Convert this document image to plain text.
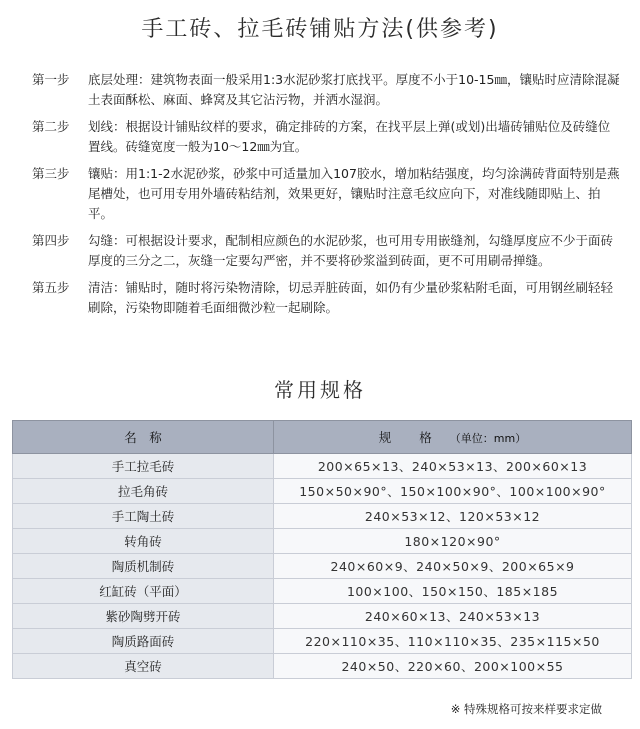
手工砖、拉毛砖铺贴方法(供参考)
第一步	底层处理：建筑物表面一般采用1:3水泥砂浆打底找平。厚度不小于10-15㎜，镶贴时应清除混凝土表面酥松、麻面、蜂窝及其它沾污物，并洒水湿润。
第二步	划线：根据设计铺贴纹样的要求，确定排砖的方案，在找平层上弹(或划)出墙砖铺贴位及砖缝位置线。砖缝宽度一般为10～12㎜为宜。
第三步	镶贴：用1:1-2水泥砂浆，砂浆中可适量加入107胶水，增加粘结强度，均匀涂满砖背面特别是燕尾槽处，也可用专用外墙砖粘结剂，效果更好，镶贴时注意毛纹应向下，对准线随即贴上、拍平。
第四步	勾缝：可根据设计要求，配制相应颜色的水泥砂浆，也可用专用嵌缝剂，勾缝厚度应不少于面砖厚度的三分之二，灰缝一定要勾严密，并不要将砂浆溢到砖面，更不可用刷帚掸缝。
第五步	清洁：铺贴时，随时将污染物清除，切忌弄脏砖面，如仍有少量砂浆粘附毛面，可用钢丝刷轻轻刷除，污染物即随着毛面细微沙粒一起刷除。
常用规格
名　称	规 格 （单位：mm）
手工拉毛砖	200×65×13、240×53×13、200×60×13
拉毛角砖	150×50×90°、150×100×90°、100×100×90°
手工陶土砖	240×53×12、120×53×12
转角砖	180×120×90°
陶质机制砖	240×60×9、240×50×9、200×65×9
红缸砖（平面）	100×100、150×150、185×185
紫砂陶劈开砖	240×60×13、240×53×13
陶质路面砖	220×110×35、110×110×35、235×115×50
真空砖	240×50、220×60、200×100×55
※ 特殊规格可按来样要求定做
